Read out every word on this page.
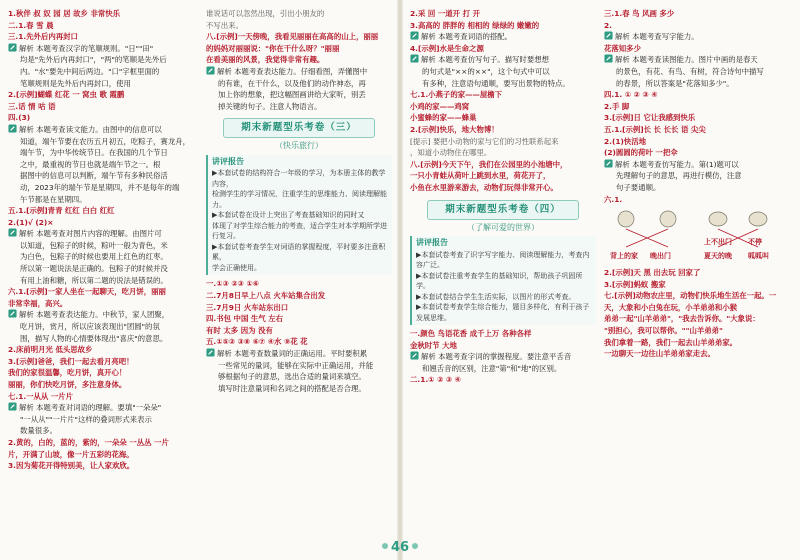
1.秋伴 叔 奴 园 居 故乡 非常快乐
二.1.春 雪 晨
三.1.先外后内再封口
解析 本题考查汉字的笔顺规则。"日""田"
均是"先外后内再封口"，"两"的笔顺是先外后
内。"水"要先中间后两边。"口"字框里面的
笔顺规则是先外后内再封口，使用
2.[示例]蝴蝶 红花 一 窝虫 歌 霞鹏
三.话 情 咕 语
四.(3)
解析 本题考查读文能力。由图中的信息可以
知道，端午节要在农历五月初五，吃粽子，赛龙舟，
端午节，为中华传统节日。在我国的几个节日
之中，最重视的节日也就是端午节之一。根
据图中的信息可以判断，端午节有多种民俗活
动，2023年的端午节是星期四，并不是每年的端
午节都是在星期四。
五.1.[示例]青青 红红 白白 红红
2.(1)√ (2)×
解析 本题考查对图片内容的理解。由图片可
以知道，包粽子的时候，粽叶一般为青色，米
为白色，包粽子的时候也要用上红色的红枣。
所以第一题说法是正确的。包粽子的时候并没
有用上油和糖，所以第二题的说法是错误的。
六.1.[示例]一家人坐在一起聊天，吃月饼，丽丽
非常幸福，高兴。
解析 本题考查表达能力。中秋节，家人团聚，
吃月饼，赏月，所以应该表现出"团圆"的氛
围，描写人物的心情要体现出"喜庆"的意思。
2.床前明月光 低头思故乡
3.[示例]爸爸，我们一起去看月亮吧！
我们的家很温馨，吃月饼，真开心！
丽丽，你们快吃月饼，多注意身体。
七.1.一从从 一片片
解析 本题考查对词语的理解。要填"一朵朵"
"一从从""一片片"这样的叠词形式来表示
数量很多。
2.黄的，白的，蓝的，紫的，一朵朵 一丛丛 一片
片，开满了山坡，像一片五彩的花海。
3.因为菊花开得特别美，让人家欢欣。
谁说话可以忽然出现，引出小朋友的
不写出来。
八.[示例]一天傍晚，我看见丽丽在高高的山上，丽丽
的妈妈对丽丽说："你在干什么呀？"丽丽
在看美丽的风景，我觉得非常有趣。
解析 本题考查表达能力。仔细看图，弄懂图中
的有谁，在干什么，以及他们的动作神态，再
加上你的想象，把这幅图画讲给大家听，别丢
掉关键的句子。注意人物语言。
期末新题型乐考卷（三）
（快乐旅行）
讲评报告
▶本套试卷的结构符合一年级的学习，为本册主体的教学内容，
检测学生的学习情况，注重学生的思维能力、阅读理解能力。
▶本套试卷在设计上突出了考查基础知识的同时又
体现了对学生综合能力的考查，适合学生对本学期所学进行复习。
▶本套试卷考查学生对词语的掌握程度，平时要多注意积累，
学会正确使用。
一.①③ ②③ ①⑥
二.7月8日早上八点 火车站集合出发
三.7月9日 火车站东出口
四.书包 中国 生气 左右
有时 太多 因为 没有
五.①⑤② ③⑧ ⑥⑦ ④水 ⑨花 花
解析 本题考查数量词的正确运用。平时要积累
一些常见的量词，能够在实际中正确运用，并能
够根据句子的意思，选出合适的量词来填空。
填写时注意量词和名词之间的搭配是否合理。
2.采 回 一道开 打 开
3.高高的 胖胖的 相相的 绿绿的 嫩嫩的
解析 本题考查词语的搭配。
4.[示例]水是生命之源
解析 本题考查仿写句子。描写时要想想
的句式是"××的××"，这个句式中可以
有多种，注意语句通顺，要写出景物的特点。
七.1.小燕子的家——屋檐下
小鸡的家——鸡窝
小蜜蜂的家——蜂巢
2.[示例]快乐，地大物博！
[提示] 要把小动物的家与它们的习性联系起来
，知道小动物住在哪里。
八.[示例]今天下午，我们在公园里的小池塘中，
一只小青蛙从荷叶上跳到水里，荷花开了，
小鱼在水里游来游去，动物们玩得非常开心。
期末新题型乐考卷（四）
（了解可爱的世界）
讲评报告
▶本套试卷考查了识字写字能力、阅读理解能力，考查内容广泛。
▶本套试卷注重考查学生的基础知识，帮助孩子巩固所学。
▶本套试卷结合学生生活实际，以图片的形式考查。
▶本套试卷考查学生综合能力，题目多样化，有利于孩子发展思维。
一.颜色 鸟语花香 成千上万 各种各样
金秋时节 大地
解析 本题考查字词的掌握程度。要注意平舌音
和翘舌音的区别，注意"第"和"地"的区别。
二.1.① ② ③ ④
三.1.春 鸟 风画 多少
2.
解析 本题考查写字能力。
花落知多少
解析 本题考查读图能力。图片中画的是春天
的景色，有花、有鸟、有树，符合诗句中描写
的春景，所以答案是"花落知多少"。
四.1. ① ② ③ ④
2.手 脚
3.[示例]日 它让我感到快乐
五.1.[示例]长 长 长长 语 尖尖
2.(1)快活地
(2)圆圆的荷叶 一把伞
解析 本题考查仿写能力。第(1)题可以
先理解句子的意思，再进行模仿，注意
句子要通顺。
六.1.
背上的家 晚出门	夏天的晚 呱呱叫
上不出门 不停
2.[示例]天 黑 出去玩 回家了
3.[示例]蚂蚁 搬家
七.[示例]动物农庄里，动物们快乐地生活在一起。一
天，大象和小白兔在玩，小羊弟弟和小猴
弟弟一起"山羊弟弟"，"我去告诉你。"大象说：
"别担心，我可以帮你。""山羊弟弟"
我们拿着一路，我们一起去山羊弟弟家。
一边聊天一边往山羊弟弟家走去。
46
